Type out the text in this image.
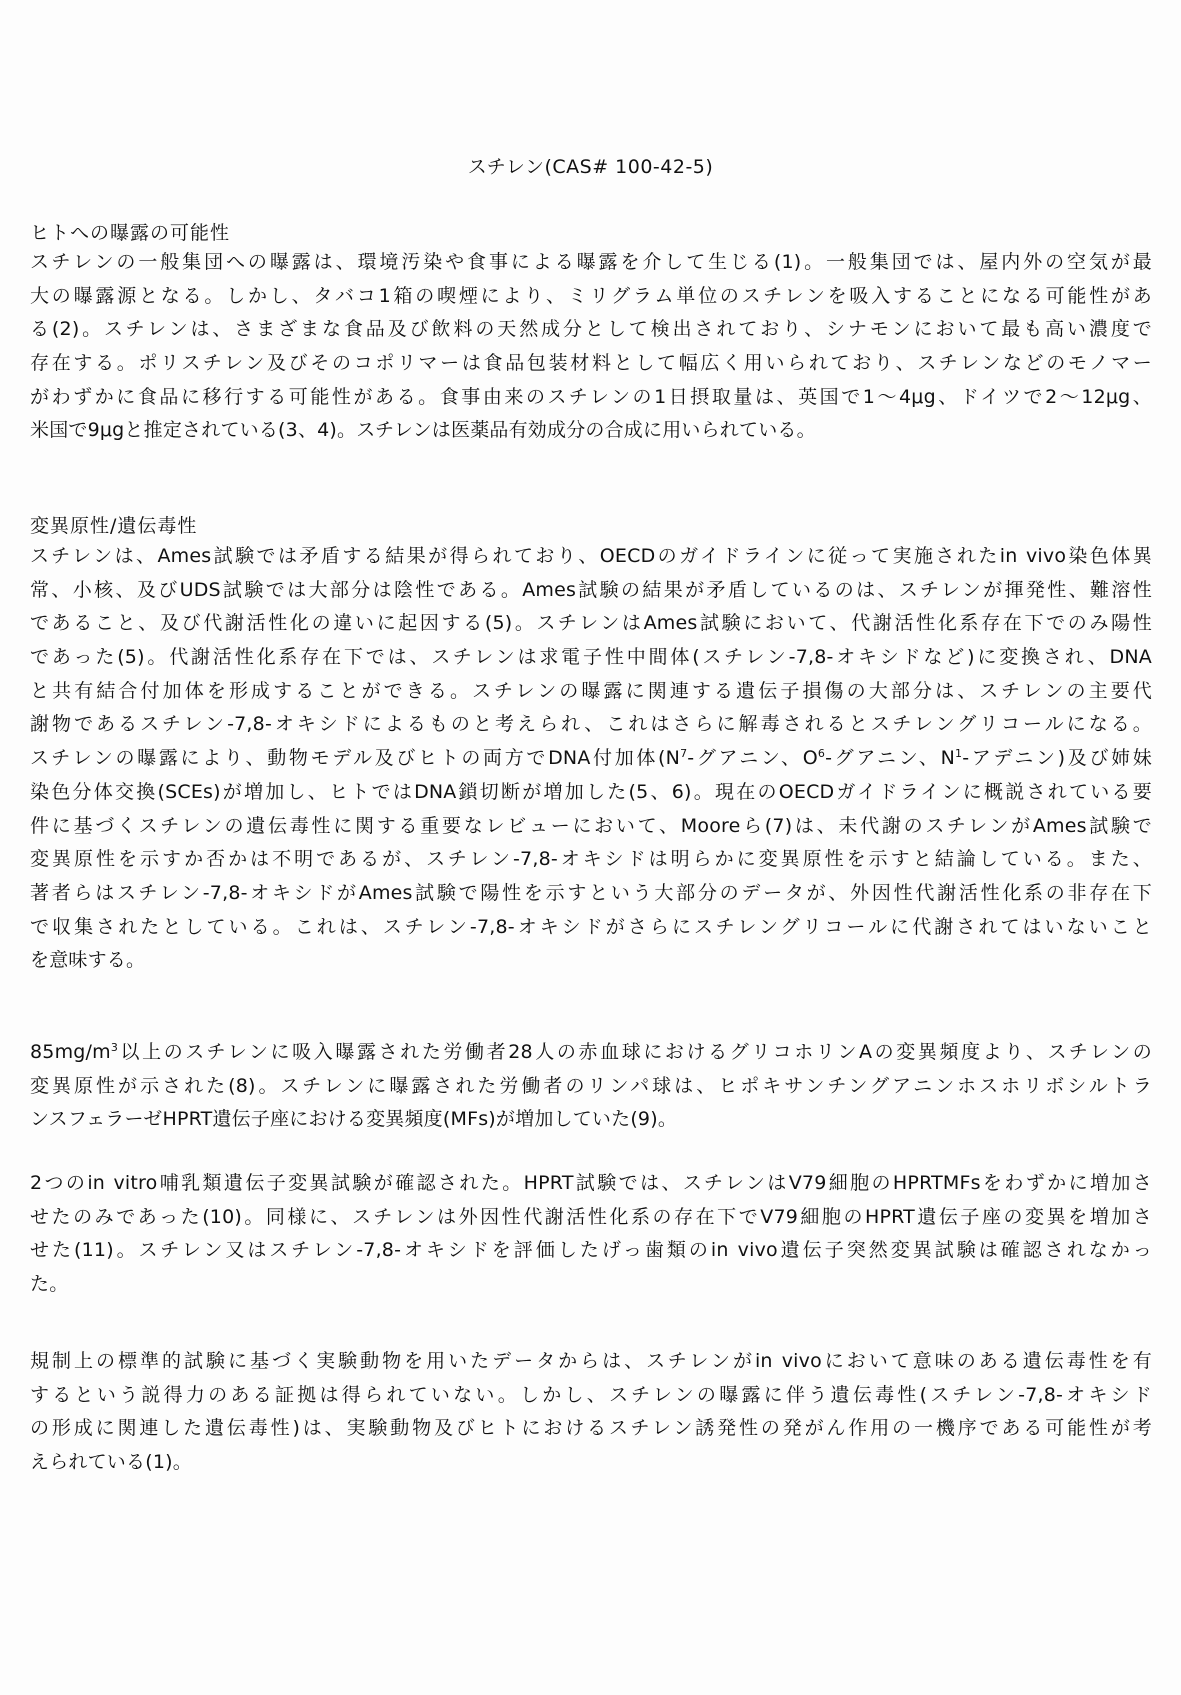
スチレン(CAS# 100-42-5)
ヒトへの曝露の可能性
スチレンの一般集団への曝露は、環境汚染や食事による曝露を介して生じる(1)。一般集団では、屋内外の空気が最
大の曝露源となる。しかし、タバコ1箱の喫煙により、ミリグラム単位のスチレンを吸入することになる可能性があ
る(2)。スチレンは、さまざまな食品及び飲料の天然成分として検出されており、シナモンにおいて最も高い濃度で
存在する。ポリスチレン及びそのコポリマーは食品包装材料として幅広く用いられており、スチレンなどのモノマー
がわずかに食品に移行する可能性がある。食事由来のスチレンの1日摂取量は、英国で1〜4μg、ドイツで2〜12μg、
米国で9μgと推定されている(3、4)。スチレンは医薬品有効成分の合成に用いられている。
変異原性/遺伝毒性
スチレンは、Ames試験では矛盾する結果が得られており、OECDのガイドラインに従って実施されたin vivo染色体異
常、小核、及びUDS試験では大部分は陰性である。Ames試験の結果が矛盾しているのは、スチレンが揮発性、難溶性
であること、及び代謝活性化の違いに起因する(5)。スチレンはAmes試験において、代謝活性化系存在下でのみ陽性
であった(5)。代謝活性化系存在下では、スチレンは求電子性中間体(スチレン-7,8-オキシドなど)に変換され、DNA
と共有結合付加体を形成することができる。スチレンの曝露に関連する遺伝子損傷の大部分は、スチレンの主要代
謝物であるスチレン-7,8-オキシドによるものと考えられ、これはさらに解毒されるとスチレングリコールになる。
スチレンの曝露により、動物モデル及びヒトの両方でDNA付加体($N^7-$グアニン、$O^6-$グアニン、$N^1-$アデニン)及び姉妹
染色分体交換(SCEs)が増加し、ヒトではDNA鎖切断が増加した(5、6)。現在のOECDガイドラインに概説されている要
件に基づくスチレンの遺伝毒性に関する重要なレビューにおいて、Mooreら(7)は、未代謝のスチレンがAmes試験で
変異原性を示すか否かは不明であるが、スチレン-7,8-オキシドは明らかに変異原性を示すと結論している。また、
著者らはスチレン-7,8-オキシドがAmes試験で陽性を示すという大部分のデータが、外因性代謝活性化系の非存在下
で収集されたとしている。これは、スチレン-7,8-オキシドがさらにスチレングリコールに代謝されてはいないこと
を意味する。
$85mg/m^3$以上のスチレンに吸入曝露された労働者28人の赤血球におけるグリコホリンAの変異頻度より、スチレンの
変異原性が示された(8)。スチレンに曝露された労働者のリンパ球は、ヒポキサンチングアニンホスホリボシルトラ
ンスフェラーゼHPRT遺伝子座における変異頻度(MFs)が増加していた(9)。
2つのin vitro哺乳類遺伝子変異試験が確認された。HPRT試験では、スチレンはV79細胞のHPRTMFsをわずかに増加さ
せたのみであった(10)。同様に、スチレンは外因性代謝活性化系の存在下でV79細胞のHPRT遺伝子座の変異を増加さ
せた(11)。スチレン又はスチレン-7,8-オキシドを評価したげっ歯類のin vivo遺伝子突然変異試験は確認されなかっ
た。
規制上の標準的試験に基づく実験動物を用いたデータからは、スチレンがin vivoにおいて意味のある遺伝毒性を有
するという説得力のある証拠は得られていない。しかし、スチレンの曝露に伴う遺伝毒性(スチレン-7,8-オキシド
の形成に関連した遺伝毒性)は、実験動物及びヒトにおけるスチレン誘発性の発がん作用の一機序である可能性が考
えられている(1)。
